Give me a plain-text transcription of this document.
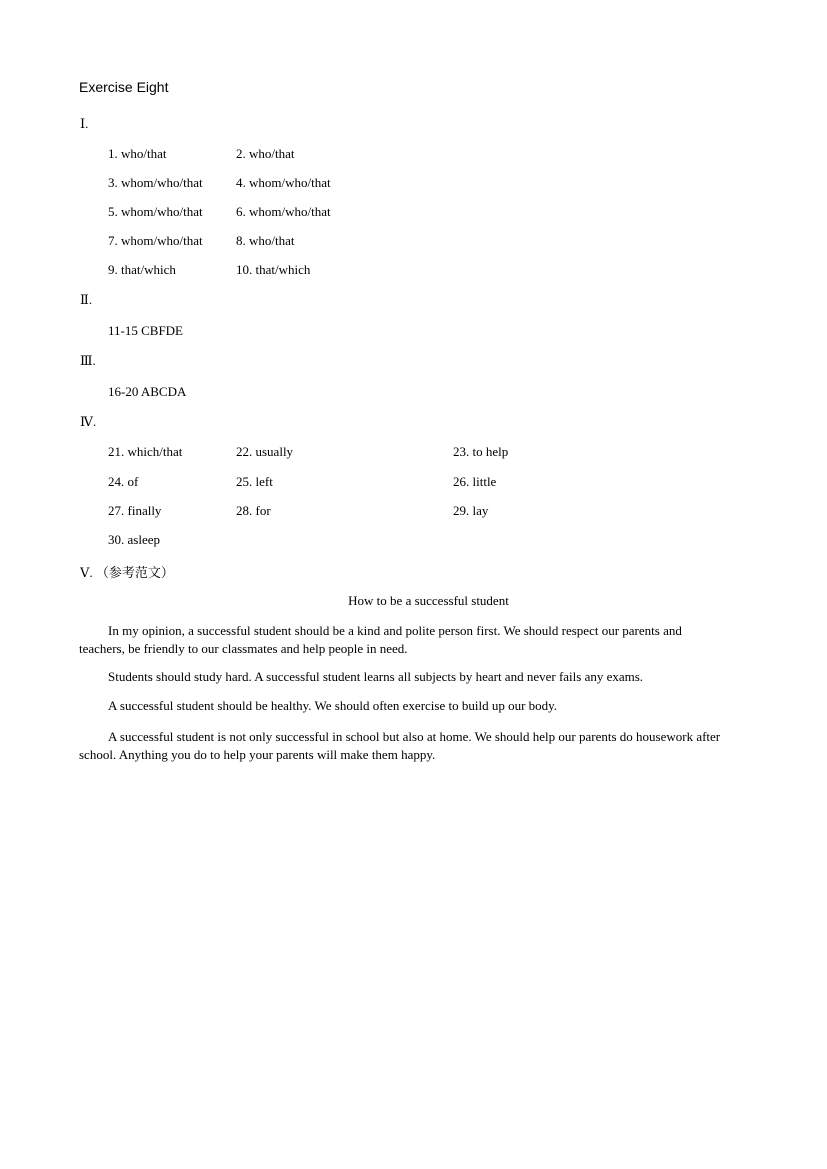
Exercise Eight
Ⅰ.
1. who/that	2. who/that
3. whom/who/that	4. whom/who/that
5. whom/who/that	6. whom/who/that
7. whom/who/that	8. who/that
9. that/which	10. that/which
Ⅱ.
11-15 CBFDE
Ⅲ.
16-20 ABCDA
Ⅳ.
21. which/that	22. usually	23. to help
24. of	25. left	26. little
27. finally	28. for	29. lay
30. asleep
Ⅴ. （参考范文）
How to be a successful student
In my opinion, a successful student should be a kind and polite person first. We should respect our parents and teachers, be friendly to our classmates and help people in need.
Students should study hard. A successful student learns all subjects by heart and never fails any exams.
A successful student should be healthy. We should often exercise to build up our body.
A successful student is not only successful in school but also at home. We should help our parents do housework after school. Anything you do to help your parents will make them happy.
